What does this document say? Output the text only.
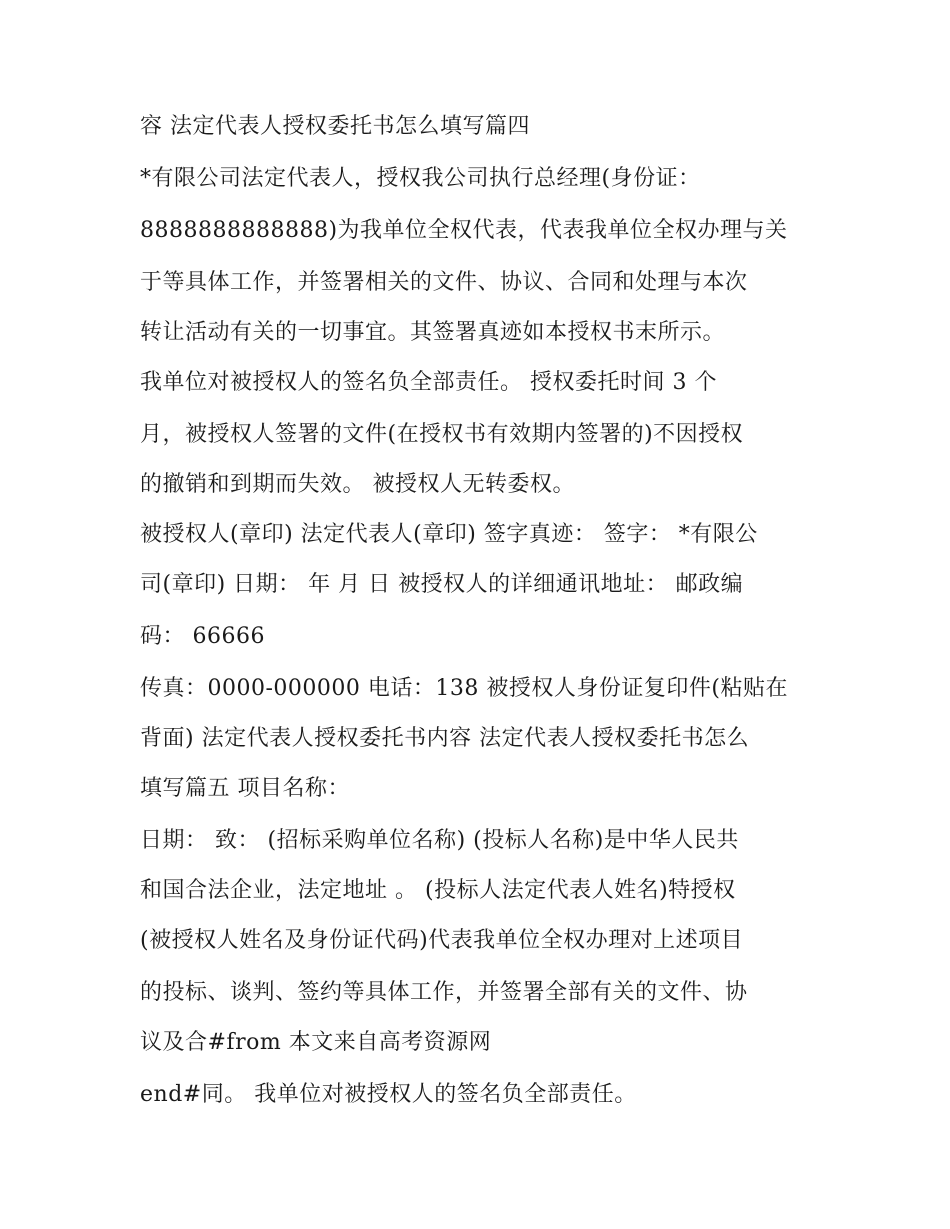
容 法定代表人授权委托书怎么填写篇四
*有限公司法定代表人，授权我公司执行总经理(身份证：
8888888888888)为我单位全权代表，代表我单位全权办理与关
于等具体工作，并签署相关的文件、协议、合同和处理与本次
转让活动有关的一切事宜。其签署真迹如本授权书末所示。
我单位对被授权人的签名负全部责任。 授权委托时间 3 个
月，被授权人签署的文件(在授权书有效期内签署的)不因授权
的撤销和到期而失效。 被授权人无转委权。
被授权人(章印) 法定代表人(章印) 签字真迹： 签字： *有限公
司(章印) 日期： 年 月 日 被授权人的详细通讯地址： 邮政编
码： 66666
传真：0000-000000 电话：138 被授权人身份证复印件(粘贴在
背面) 法定代表人授权委托书内容 法定代表人授权委托书怎么
填写篇五 项目名称：
日期： 致： (招标采购单位名称) (投标人名称)是中华人民共
和国合法企业，法定地址 。 (投标人法定代表人姓名)特授权
(被授权人姓名及身份证代码)代表我单位全权办理对上述项目
的投标、谈判、签约等具体工作，并签署全部有关的文件、协
议及合#from 本文来自高考资源网
end#同。 我单位对被授权人的签名负全部责任。
